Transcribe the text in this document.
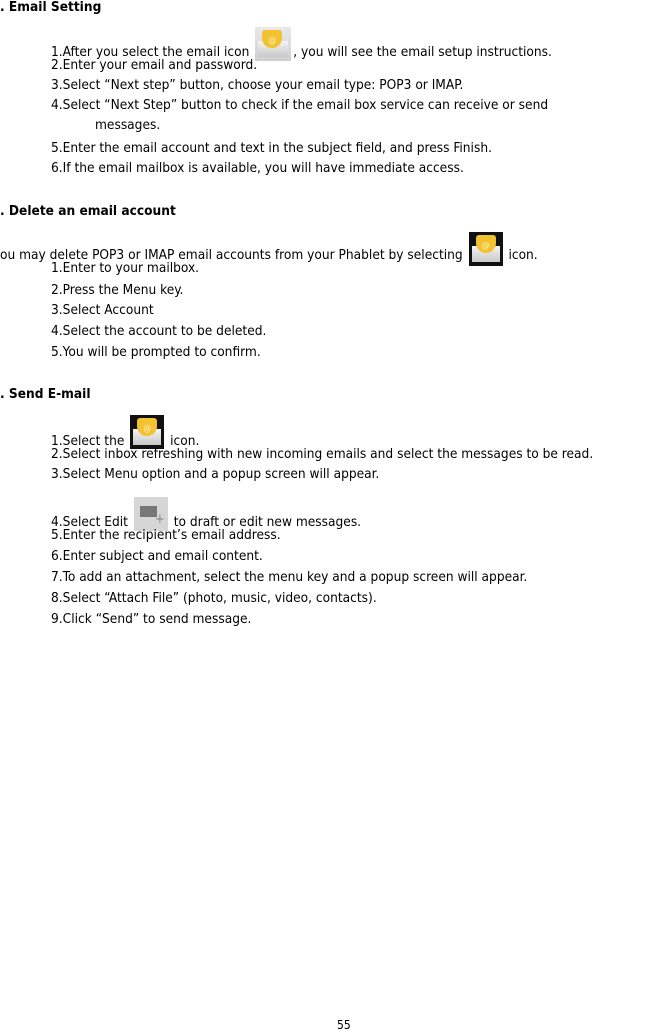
. Email Setting
1.After you select the email icon
@
, you will see the email setup instructions.
2.Enter your email and password.
3.Select “Next step” button, choose your email type: POP3 or IMAP.
4.Select “Next Step” button to check if the email box service can receive or send
messages.
5.Enter the email account and text in the subject field, and press Finish.
6.If the email mailbox is available, you will have immediate access.
. Delete an email account
ou may delete POP3 or IMAP email accounts from your Phablet by selecting
@
icon.
1.Enter to your mailbox.
2.Press the Menu key.
3.Select Account
4.Select the account to be deleted.
5.You will be prompted to confirm.
. Send E-mail
1.Select the
@
icon.
2.Select inbox refreshing with new incoming emails and select the messages to be read.
3.Select Menu option and a popup screen will appear.
4.Select Edit + to draft or edit new messages.
5.Enter the recipient’s email address.
6.Enter subject and email content.
7.To add an attachment, select the menu key and a popup screen will appear.
8.Select “Attach File” (photo, music, video, contacts).
9.Click “Send” to send message.
55
